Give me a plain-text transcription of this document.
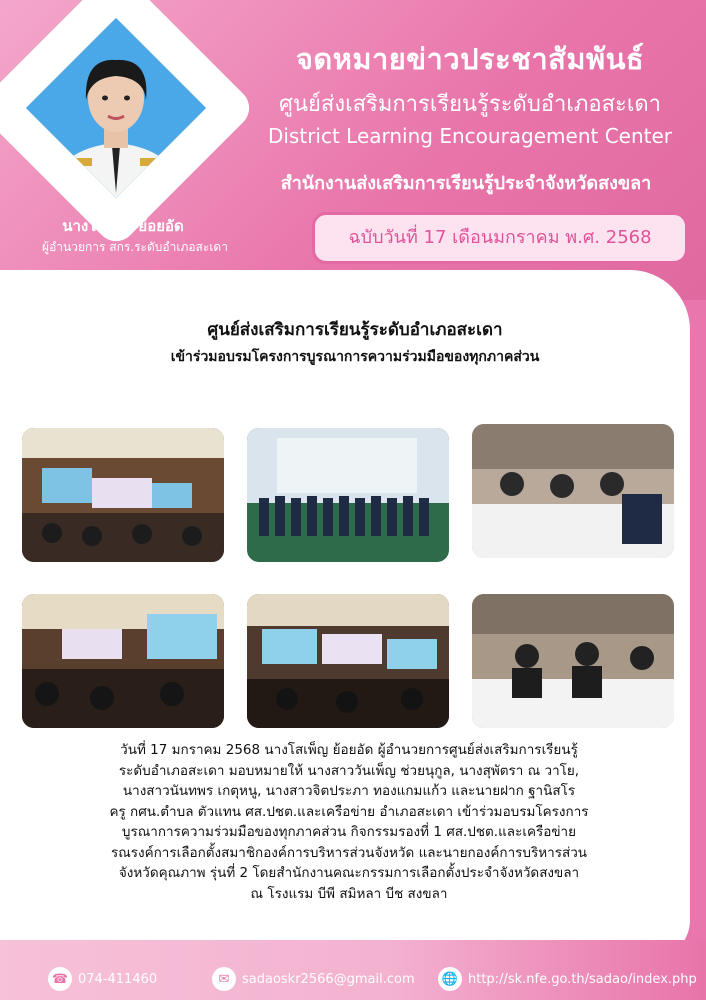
นางโสเพ็ญ ย้อยอัด
ผู้อำนวยการ สกร.ระดับอำเภอสะเดา
จดหมายข่าวประชาสัมพันธ์
ศูนย์ส่งเสริมการเรียนรู้ระดับอำเภอสะเดา
District Learning Encouragement Center
สำนักงานส่งเสริมการเรียนรู้ประจำจังหวัดสงขลา
ฉบับวันที่ 17 เดือนมกราคม พ.ศ. 2568
ศูนย์ส่งเสริมการเรียนรู้ระดับอำเภอสะเดา
เข้าร่วมอบรมโครงการบูรณาการความร่วมมือของทุกภาคส่วน
วันที่ 17 มกราคม 2568 นางโสเพ็ญ ย้อยอัด ผู้อำนวยการศูนย์ส่งเสริมการเรียนรู้
ระดับอำเภอสะเดา มอบหมายให้ นางสาววันเพ็ญ ช่วยนุกูล, นางสุพัตรา ณ วาโย,
นางสาวนันทพร เกตุหนู, นางสาวจิตประภา ทองแกมแก้ว และนายฝาก ฐานิสโร
ครู กศน.ตำบล ตัวแทน ศส.ปชต.และเครือข่าย อำเภอสะเดา เข้าร่วมอบรมโครงการ
บูรณาการความร่วมมือของทุกภาคส่วน กิจกรรมรองที่ 1 ศส.ปชต.และเครือข่าย
รณรงค์การเลือกตั้งสมาชิกองค์การบริหารส่วนจังหวัด และนายกองค์การบริหารส่วน
จังหวัดคุณภาพ รุ่นที่ 2 โดยสำนักงานคณะกรรมการเลือกตั้งประจำจังหวัดสงขลา
ณ โรงแรม บีพี สมิหลา บีช สงขลา
☎ 074-411460	✉ sadaoskr2566@gmail.com	🌐 http://sk.nfe.go.th/sadao/index.php
